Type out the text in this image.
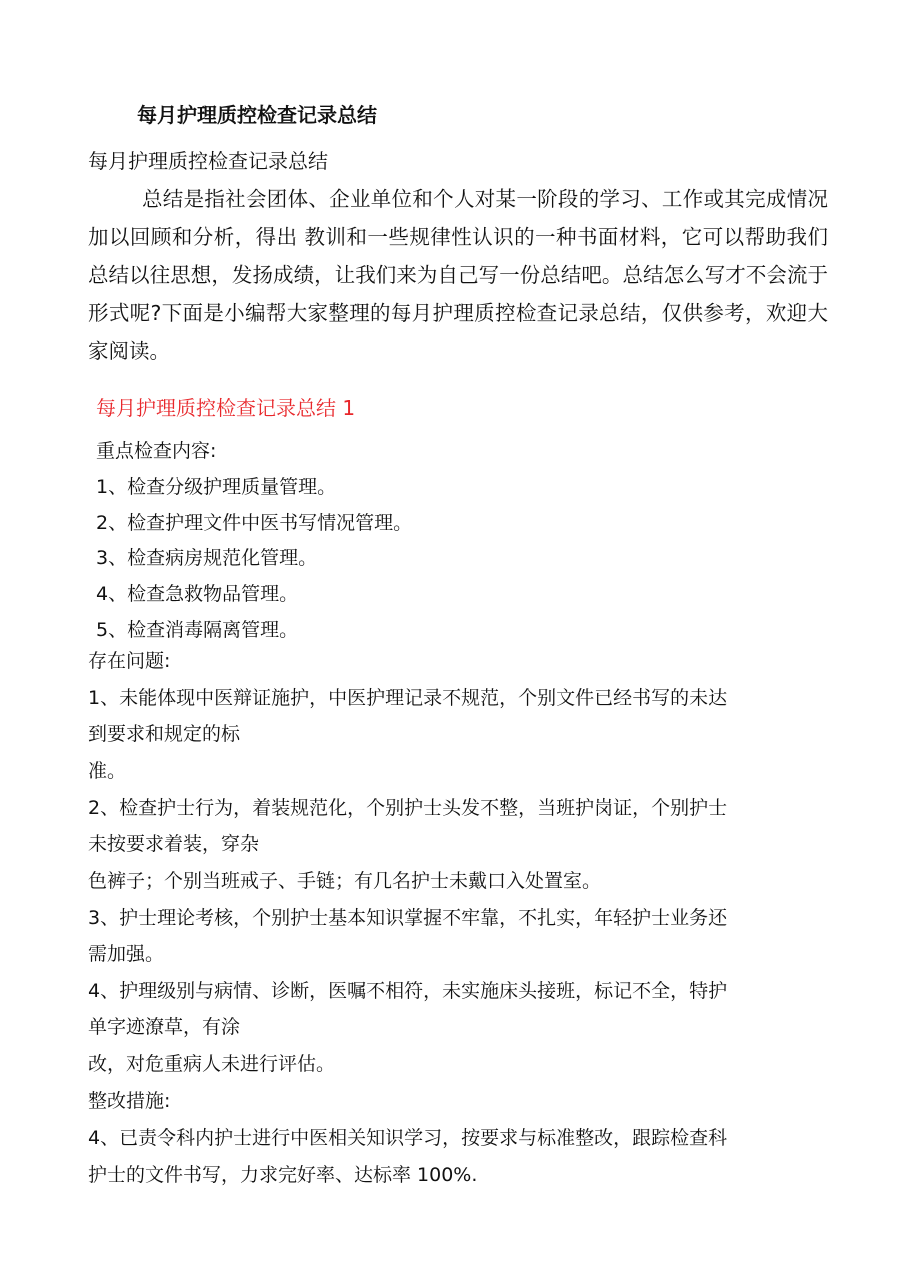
每月护理质控检查记录总结
每月护理质控检查记录总结

总结是指社会团体、企业单位和个人对某一阶段的学习、工作或其完成情况加以回顾和分析，得出 教训和一些规律性认识的一种书面材料，它可以帮助我们总结以往思想，发扬成绩，让我们来为自己写一份总结吧。总结怎么写才不会流于形式呢?下面是小编帮大家整理的每月护理质控检查记录总结，仅供参考，欢迎大家阅读。

每月护理质控检查记录总结 1
重点检查内容:
1、检查分级护理质量管理。
2、检查护理文件中医书写情况管理。
3、检查病房规范化管理。
4、检查急救物品管理。
5、检查消毒隔离管理。
存在问题:
1、未能体现中医辩证施护，中医护理记录不规范，个别文件已经书写的未达
到要求和规定的标
准。
2、检查护士行为，着装规范化，个别护士头发不整，当班护岗证，个别护士
未按要求着装，穿杂
色裤子；个别当班戒子、手链；有几名护士未戴口入处置室。
3、护士理论考核，个别护士基本知识掌握不牢靠，不扎实，年轻护士业务还
需加强。
4、护理级别与病情、诊断，医嘱不相符，未实施床头接班，标记不全，特护
单字迹潦草，有涂
改，对危重病人未进行评估。
整改措施:
4、已责令科内护士进行中医相关知识学习，按要求与标准整改，跟踪检查科
护士的文件书写，力求完好率、达标率 100%.
